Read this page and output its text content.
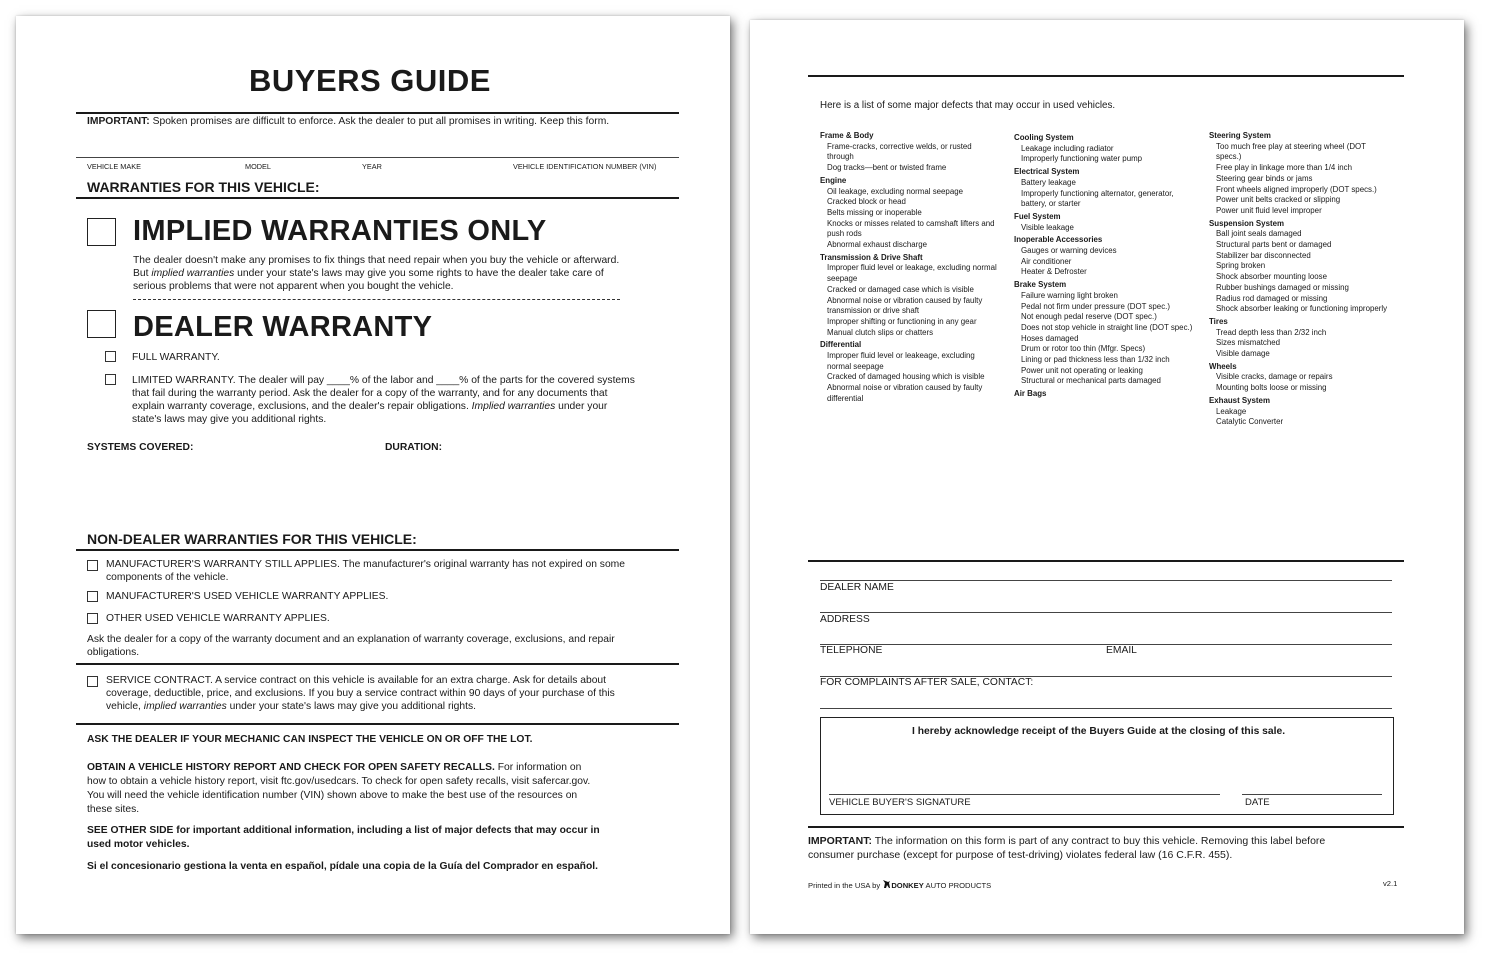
BUYERS GUIDE
IMPORTANT: Spoken promises are difficult to enforce. Ask the dealer to put all promises in writing. Keep this form.
VEHICLE MAKE	MODEL	YEAR	VEHICLE IDENTIFICATION NUMBER (VIN)
WARRANTIES FOR THIS VEHICLE:
IMPLIED WARRANTIES ONLY
The dealer doesn't make any promises to fix things that need repair when you buy the vehicle or afterward.
But implied warranties under your state's laws may give you some rights to have the dealer take care of
serious problems that were not apparent when you bought the vehicle.
DEALER WARRANTY
FULL WARRANTY.
LIMITED WARRANTY. The dealer will pay ____% of the labor and ____% of the parts for the covered systems
that fail during the warranty period. Ask the dealer for a copy of the warranty, and for any documents that
explain warranty coverage, exclusions, and the dealer's repair obligations. Implied warranties under your
state's laws may give you additional rights.
SYSTEMS COVERED:	DURATION:
NON-DEALER WARRANTIES FOR THIS VEHICLE:
MANUFACTURER'S WARRANTY STILL APPLIES. The manufacturer's original warranty has not expired on some
components of the vehicle.
MANUFACTURER'S USED VEHICLE WARRANTY APPLIES.
OTHER USED VEHICLE WARRANTY APPLIES.
Ask the dealer for a copy of the warranty document and an explanation of warranty coverage, exclusions, and repair
obligations.
SERVICE CONTRACT. A service contract on this vehicle is available for an extra charge. Ask for details about
coverage, deductible, price, and exclusions. If you buy a service contract within 90 days of your purchase of this
vehicle, implied warranties under your state's laws may give you additional rights.
ASK THE DEALER IF YOUR MECHANIC CAN INSPECT THE VEHICLE ON OR OFF THE LOT.
OBTAIN A VEHICLE HISTORY REPORT AND CHECK FOR OPEN SAFETY RECALLS. For information on
how to obtain a vehicle history report, visit ftc.gov/usedcars. To check for open safety recalls, visit safercar.gov.
You will need the vehicle identification number (VIN) shown above to make the best use of the resources on
these sites.
SEE OTHER SIDE for important additional information, including a list of major defects that may occur in
used motor vehicles.
Si el concesionario gestiona la venta en español, pídale una copia de la Guía del Comprador en español.
Here is a list of some major defects that may occur in used vehicles.
Frame & Body
Frame-cracks, corrective welds, or rusted through
Dog tracks—bent or twisted frame
Engine
Oil leakage, excluding normal seepage
Cracked block or head
Belts missing or inoperable
Knocks or misses related to camshaft lifters and push rods
Abnormal exhaust discharge
Transmission & Drive Shaft
Improper fluid level or leakage, excluding normal seepage
Cracked or damaged case which is visible
Abnormal noise or vibration caused by faulty transmission or drive shaft
Improper shifting or functioning in any gear
Manual clutch slips or chatters
Differential
Improper fluid level or leakeage, excluding normal seepage
Cracked of damaged housing which is visible
Abnormal noise or vibration caused by faulty differential
Cooling System
Leakage including radiator
Improperly functioning water pump
Electrical System
Battery leakage
Improperly functioning alternator, generator, battery, or starter
Fuel System
Visible leakage
Inoperable Accessories
Gauges or warning devices
Air conditioner
Heater & Defroster
Brake System
Failure warning light broken
Pedal not firm under pressure (DOT spec.)
Not enough pedal reserve (DOT spec.)
Does not stop vehicle in straight line (DOT spec.)
Hoses damaged
Drum or rotor too thin (Mfgr. Specs)
Lining or pad thickness less than 1/32 inch
Power unit not operating or leaking
Structural or mechanical parts damaged
Air Bags
Steering System
Too much free play at steering wheel (DOT specs.)
Free play in linkage more than 1/4 inch
Steering gear binds or jams
Front wheels aligned improperly (DOT specs.)
Power unit belts cracked or slipping
Power unit fluid level improper
Suspension System
Ball joint seals damaged
Structural parts bent or damaged
Stabilizer bar disconnected
Spring broken
Shock absorber mounting loose
Rubber bushings damaged or missing
Radius rod damaged or missing
Shock absorber leaking or functioning improperly
Tires
Tread depth less than 2/32 inch
Sizes mismatched
Visible damage
Wheels
Visible cracks, damage or repairs
Mounting bolts loose or missing
Exhaust System
Leakage
Catalytic Converter
DEALER NAME
ADDRESS
TELEPHONE	EMAIL
FOR COMPLAINTS AFTER SALE, CONTACT:
I hereby acknowledge receipt of the Buyers Guide at the closing of this sale.
VEHICLE BUYER'S SIGNATURE	DATE
IMPORTANT: The information on this form is part of any contract to buy this vehicle. Removing this label before
consumer purchase (except for purpose of test-driving) violates federal law (16 C.F.R. 455).
Printed in the USA by DONKEY AUTO PRODUCTS	v2.1
